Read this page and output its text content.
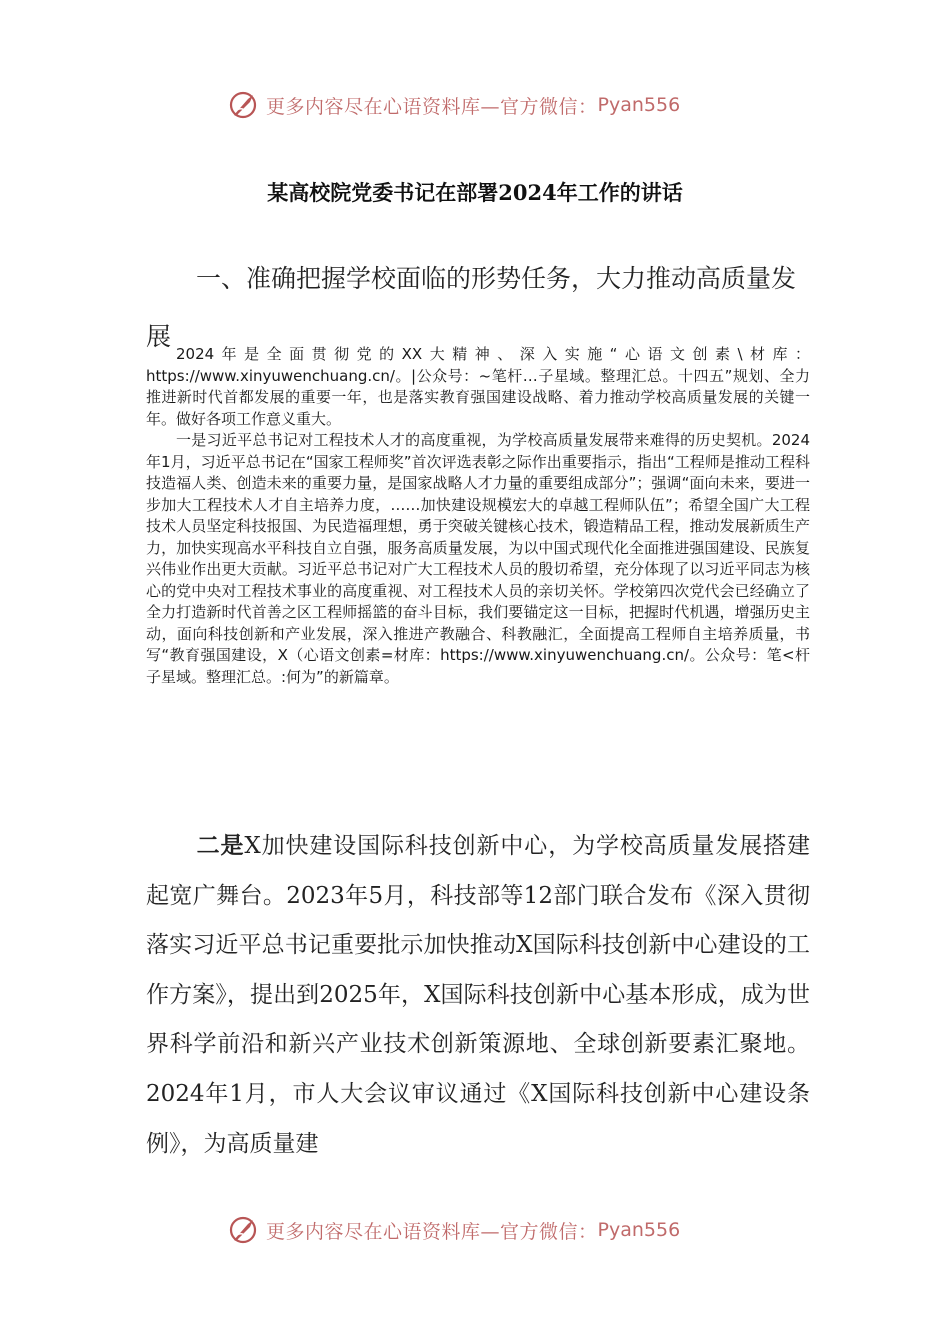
更多内容尽在心语资料库—官方微信： Pyan556
某高校院党委书记在部署2024年工作的讲话
一、准确把握学校面临的形势任务，大力推动高质量发展

2024年是全面贯彻党的XX大精神、深入实施“心语文创素\材库：https://www.xinyuwenchuang.cn/。|公众号：~笔杆…子星域。整理汇总。十四五”规划、全力推进新时代首都发展的重要一年，也是落实教育强国建设战略、着力推动学校高质量发展的关键一年。做好各项工作意义重大。

一是习近平总书记对工程技术人才的高度重视，为学校高质量发展带来难得的历史契机。2024年1月，习近平总书记在“国家工程师奖”首次评选表彰之际作出重要指示，指出“工程师是推动工程科技造福人类、创造未来的重要力量，是国家战略人才力量的重要组成部分”；强调“面向未来，要进一步加大工程技术人才自主培养力度，……加快建设规模宏大的卓越工程师队伍”；希望全国广大工程技术人员坚定科技报国、为民造福理想，勇于突破关键核心技术，锻造精品工程，推动发展新质生产力，加快实现高水平科技自立自强，服务高质量发展，为以中国式现代化全面推进强国建设、民族复兴伟业作出更大贡献。习近平总书记对广大工程技术人员的殷切希望，充分体现了以习近平同志为核心的党中央对工程技术事业的高度重视、对工程技术人员的亲切关怀。学校第四次党代会已经确立了全力打造新时代首善之区工程师摇篮的奋斗目标，我们要锚定这一目标，把握时代机遇，增强历史主动，面向科技创新和产业发展，深入推进产教融合、科教融汇，全面提高工程师自主培养质量，书写“教育强国建设，X（心语文创素=材库：https://www.xinyuwenchuang.cn/。公众号：笔<杆子星域。整理汇总。:何为”的新篇章。

二是X加快建设国际科技创新中心，为学校高质量发展搭建起宽广舞台。2023年5月，科技部等12部门联合发布《深入贯彻落实习近平总书记重要批示加快推动X国际科技创新中心建设的工作方案》，提出到2025年，X国际科技创新中心基本形成，成为世界科学前沿和新兴产业技术创新策源地、全球创新要素汇聚地。2024年1月，市人大会议审议通过《X国际科技创新中心建设条例》，为高质量建

更多内容尽在心语资料库—官方微信： Pyan556
